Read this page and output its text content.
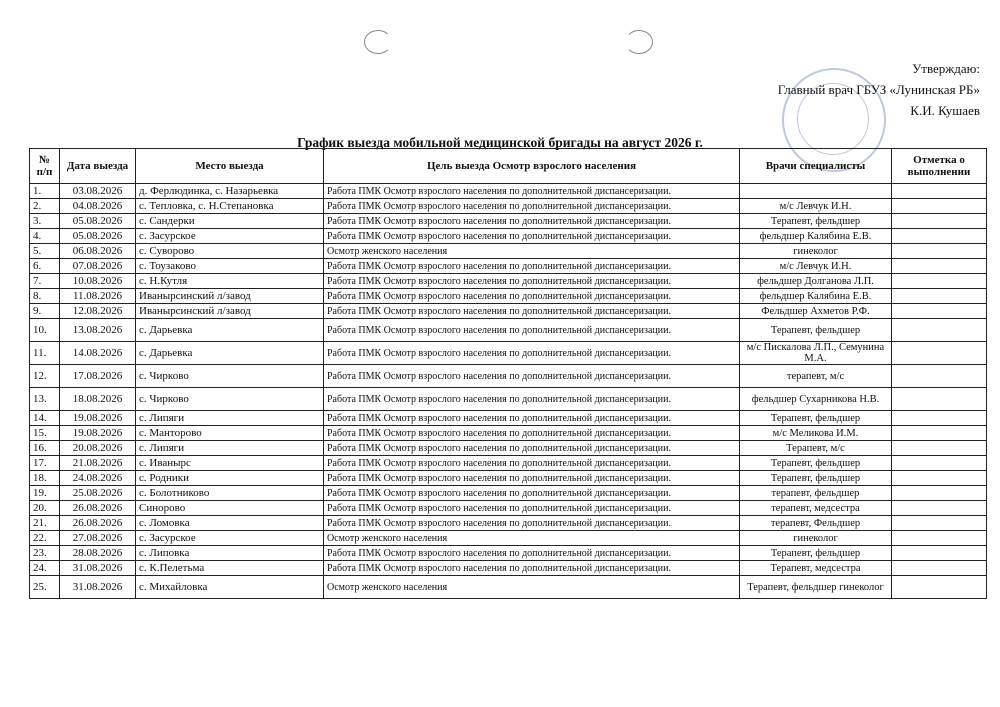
Утверждаю:
Главный врач ГБУЗ «Лунинская РБ»
К.И. Кушаев
График выезда мобильной медицинской бригады на август 2026 г.
№ п/п	Дата выезда	Место выезда	Цель выезда Осмотр взрослого населения	Врачи специалисты	Отметка о выполнении
1.	03.08.2026	д. Ферлюдинка, с. Назарьевка	Работа ПМК Осмотр взрослого населения по дополнительной диспансеризации.		
2.	04.08.2026	с. Тепловка, с. Н.Степановка	Работа ПМК Осмотр взрослого населения по дополнительной диспансеризации.	м/с Левчук И.Н.	
3.	05.08.2026	с. Сандерки	Работа ПМК Осмотр взрослого населения по дополнительной диспансеризации.	Терапевт, фельдшер	
4.	05.08.2026	с. Засурское	Работа ПМК Осмотр взрослого населения по дополнительной диспансеризации.	фельдшер Калябина Е.В.	
5.	06.08.2026	с. Суворово	Осмотр женского населения	гинеколог	
6.	07.08.2026	с. Тоузаково	Работа ПМК Осмотр взрослого населения по дополнительной диспансеризации.	м/с Левчук И.Н.	
7.	10.08.2026	с. Н.Кутля	Работа ПМК Осмотр взрослого населения по дополнительной диспансеризации.	фельдшер Долганова Л.П.	
8.	11.08.2026	Иванырсинский л/завод	Работа ПМК Осмотр взрослого населения по дополнительной диспансеризации.	фельдшер Калябина Е.В.	
9.	12.08.2026	Иванырсинский л/завод	Работа ПМК Осмотр взрослого населения по дополнительной диспансеризации.	Фельдшер Ахметов Р.Ф.	
10.	13.08.2026	с. Дарьевка	Работа ПМК Осмотр взрослого населения по дополнительной диспансеризации.	Терапевт, фельдшер	
11.	14.08.2026	с. Дарьевка	Работа ПМК Осмотр взрослого населения по дополнительной диспансеризации.	м/с Пискалова Л.П., Семунина М.А.	
12.	17.08.2026	с. Чирково	Работа ПМК Осмотр взрослого населения по дополнительной диспансеризации.	терапевт, м/с	
13.	18.08.2026	с. Чирково	Работа ПМК Осмотр взрослого населения по дополнительной диспансеризации.	фельдшер Сухарникова Н.В.	
14.	19.08.2026	с. Липяги	Работа ПМК Осмотр взрослого населения по дополнительной диспансеризации.	Терапевт, фельдшер	
15.	19.08.2026	с. Манторово	Работа ПМК Осмотр взрослого населения по дополнительной диспансеризации.	м/с Меликова И.М.	
16.	20.08.2026	с. Липяги	Работа ПМК Осмотр взрослого населения по дополнительной диспансеризации.	Терапевт, м/с	
17.	21.08.2026	с. Иванырс	Работа ПМК Осмотр взрослого населения по дополнительной диспансеризации.	Терапевт, фельдшер	
18.	24.08.2026	с. Родники	Работа ПМК Осмотр взрослого населения по дополнительной диспансеризации.	Терапевт, фельдшер	
19.	25.08.2026	с. Болотниково	Работа ПМК Осмотр взрослого населения по дополнительной диспансеризации.	терапевт, фельдшер	
20.	26.08.2026	Синорово	Работа ПМК Осмотр взрослого населения по дополнительной диспансеризации.	терапевт, медсестра	
21.	26.08.2026	с. Ломовка	Работа ПМК Осмотр взрослого населения по дополнительной диспансеризации.	терапевт, Фельдшер	
22.	27.08.2026	с. Засурское	Осмотр женского населения	гинеколог	
23.	28.08.2026	с. Липовка	Работа ПМК Осмотр взрослого населения по дополнительной диспансеризации.	Терапевт, фельдшер	
24.	31.08.2026	с. К.Пелетьма	Работа ПМК Осмотр взрослого населения по дополнительной диспансеризации.	Терапевт, медсестра	
25.	31.08.2026	с. Михайловка	Осмотр женского населения	Терапевт, фельдшер гинеколог	
